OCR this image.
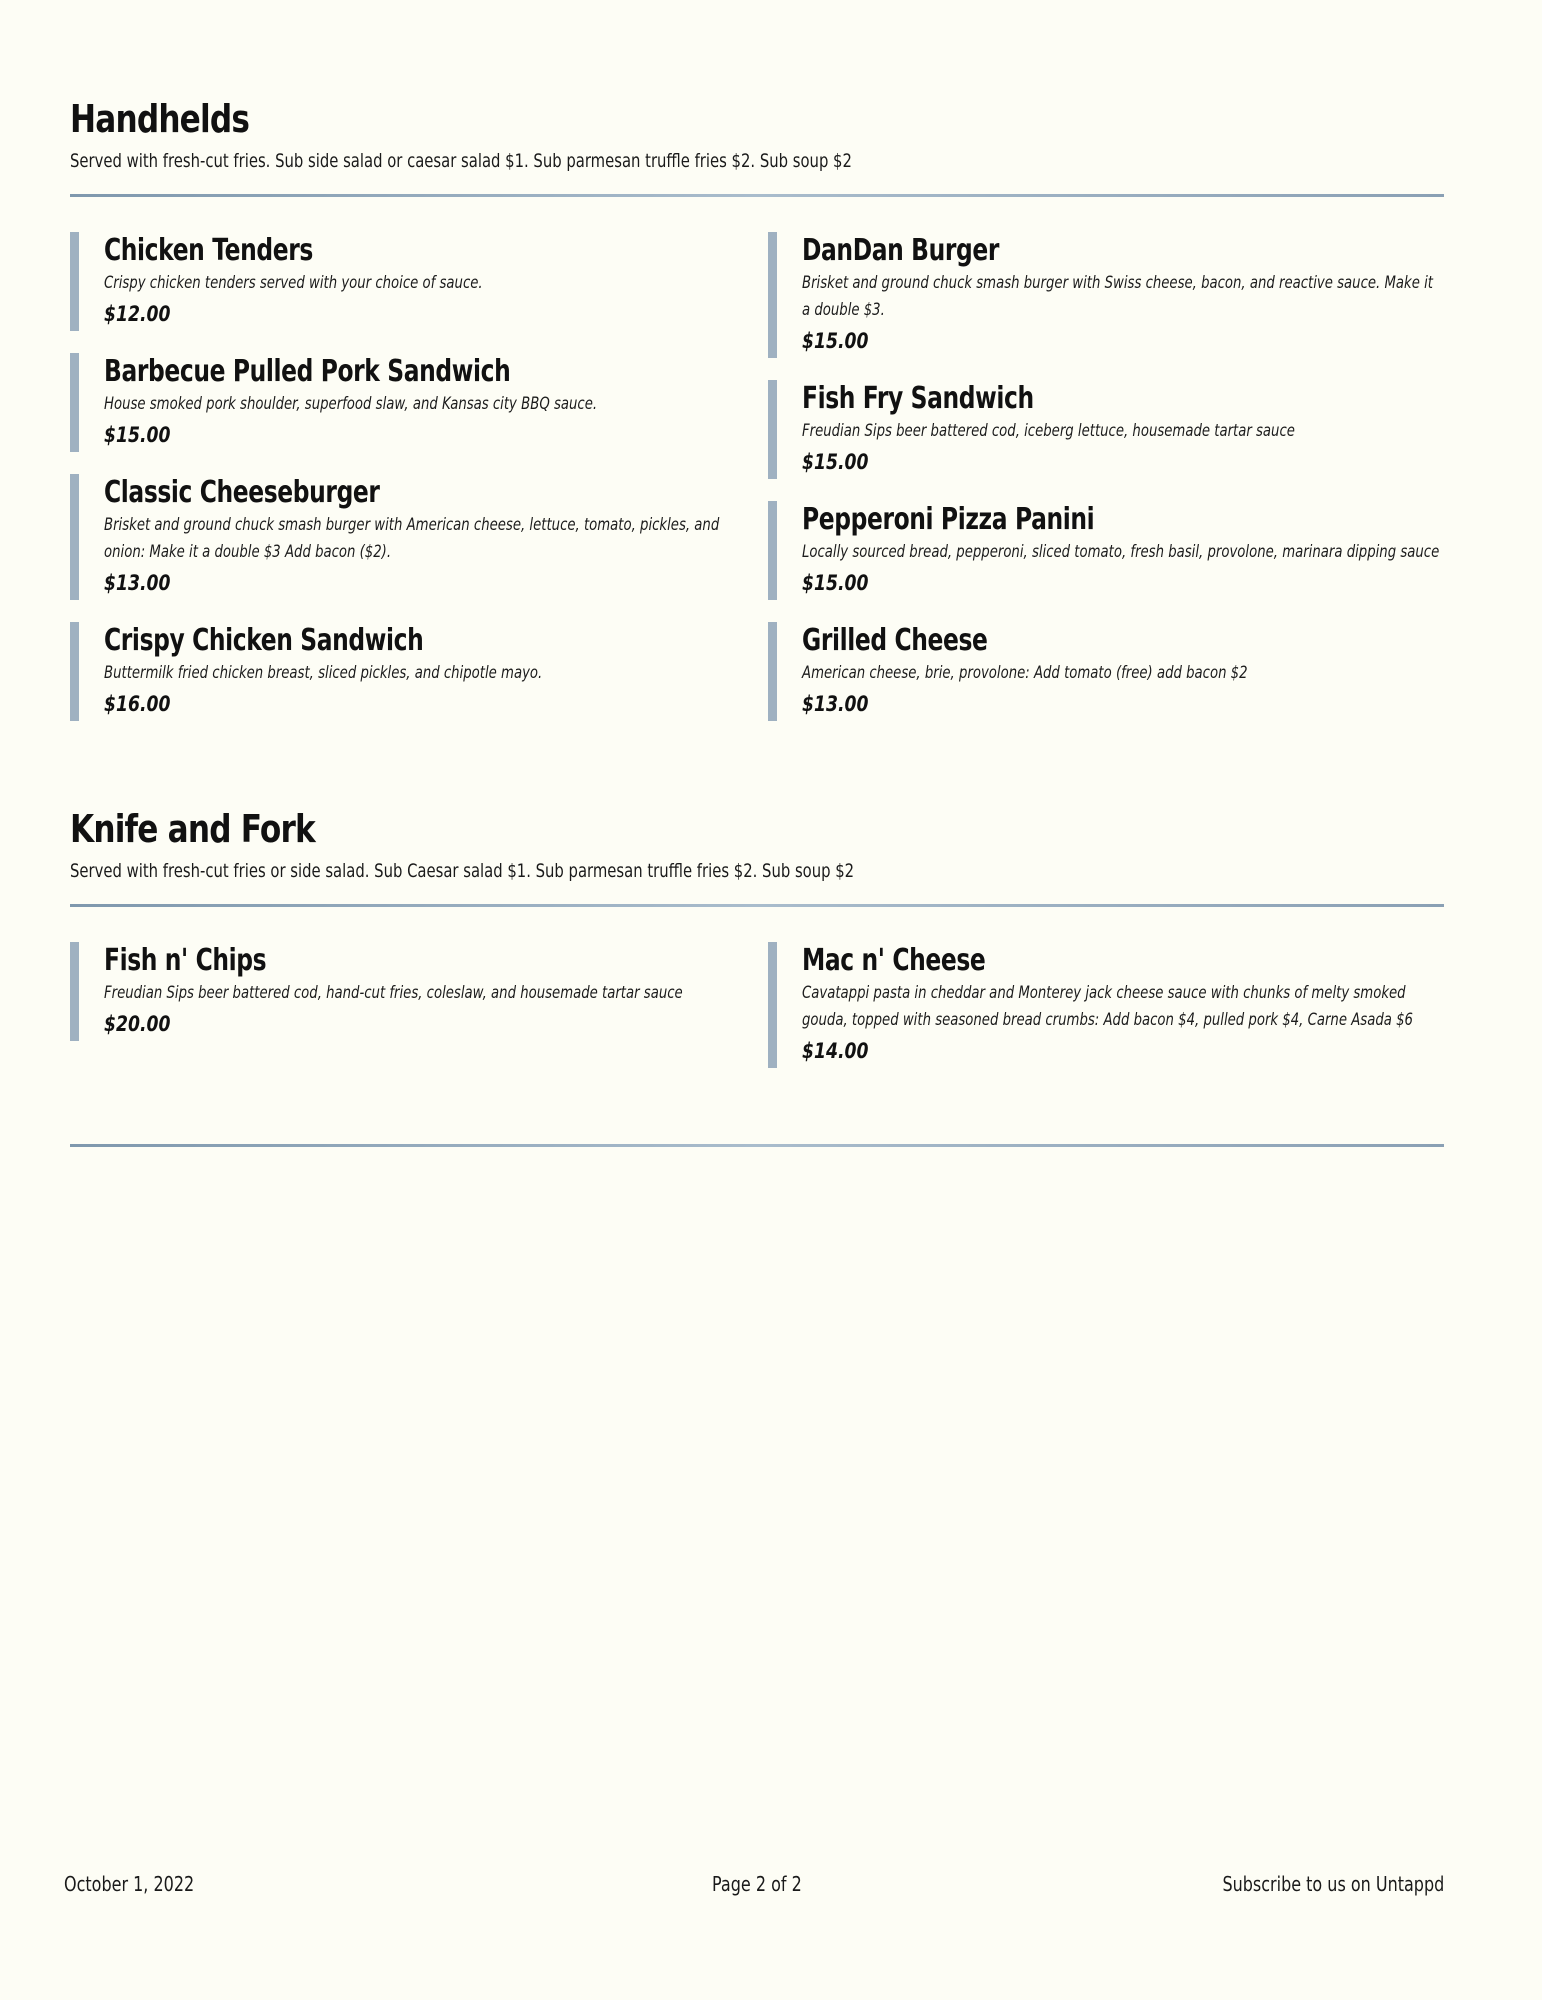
Handhelds
Served with fresh-cut fries. Sub side salad or caesar salad $1. Sub parmesan truffle fries $2. Sub soup $2
Chicken Tenders
Crispy chicken tenders served with your choice of sauce.
$12.00
Barbecue Pulled Pork Sandwich
House smoked pork shoulder, superfood slaw, and Kansas city BBQ sauce.
$15.00
Classic Cheeseburger
Brisket and ground chuck smash burger with American cheese, lettuce, tomato, pickles, and onion: Make it a double $3 Add bacon ($2).
$13.00
Crispy Chicken Sandwich
Buttermilk fried chicken breast, sliced pickles, and chipotle mayo.
$16.00
DanDan Burger
Brisket and ground chuck smash burger with Swiss cheese, bacon, and reactive sauce. Make it a double $3.
$15.00
Fish Fry Sandwich
Freudian Sips beer battered cod, iceberg lettuce, housemade tartar sauce
$15.00
Pepperoni Pizza Panini
Locally sourced bread, pepperoni, sliced tomato, fresh basil, provolone, marinara dipping sauce
$15.00
Grilled Cheese
American cheese, brie, provolone: Add tomato (free) add bacon $2
$13.00
Knife and Fork
Served with fresh-cut fries or side salad. Sub Caesar salad $1. Sub parmesan truffle fries $2. Sub soup $2
Fish n' Chips
Freudian Sips beer battered cod, hand-cut fries, coleslaw, and housemade tartar sauce
$20.00
Mac n' Cheese
Cavatappi pasta in cheddar and Monterey jack cheese sauce with chunks of melty smoked gouda, topped with seasoned bread crumbs: Add bacon $4, pulled pork $4, Carne Asada $6
$14.00
October 1, 2022	Page 2 of 2	Subscribe to us on Untappd
